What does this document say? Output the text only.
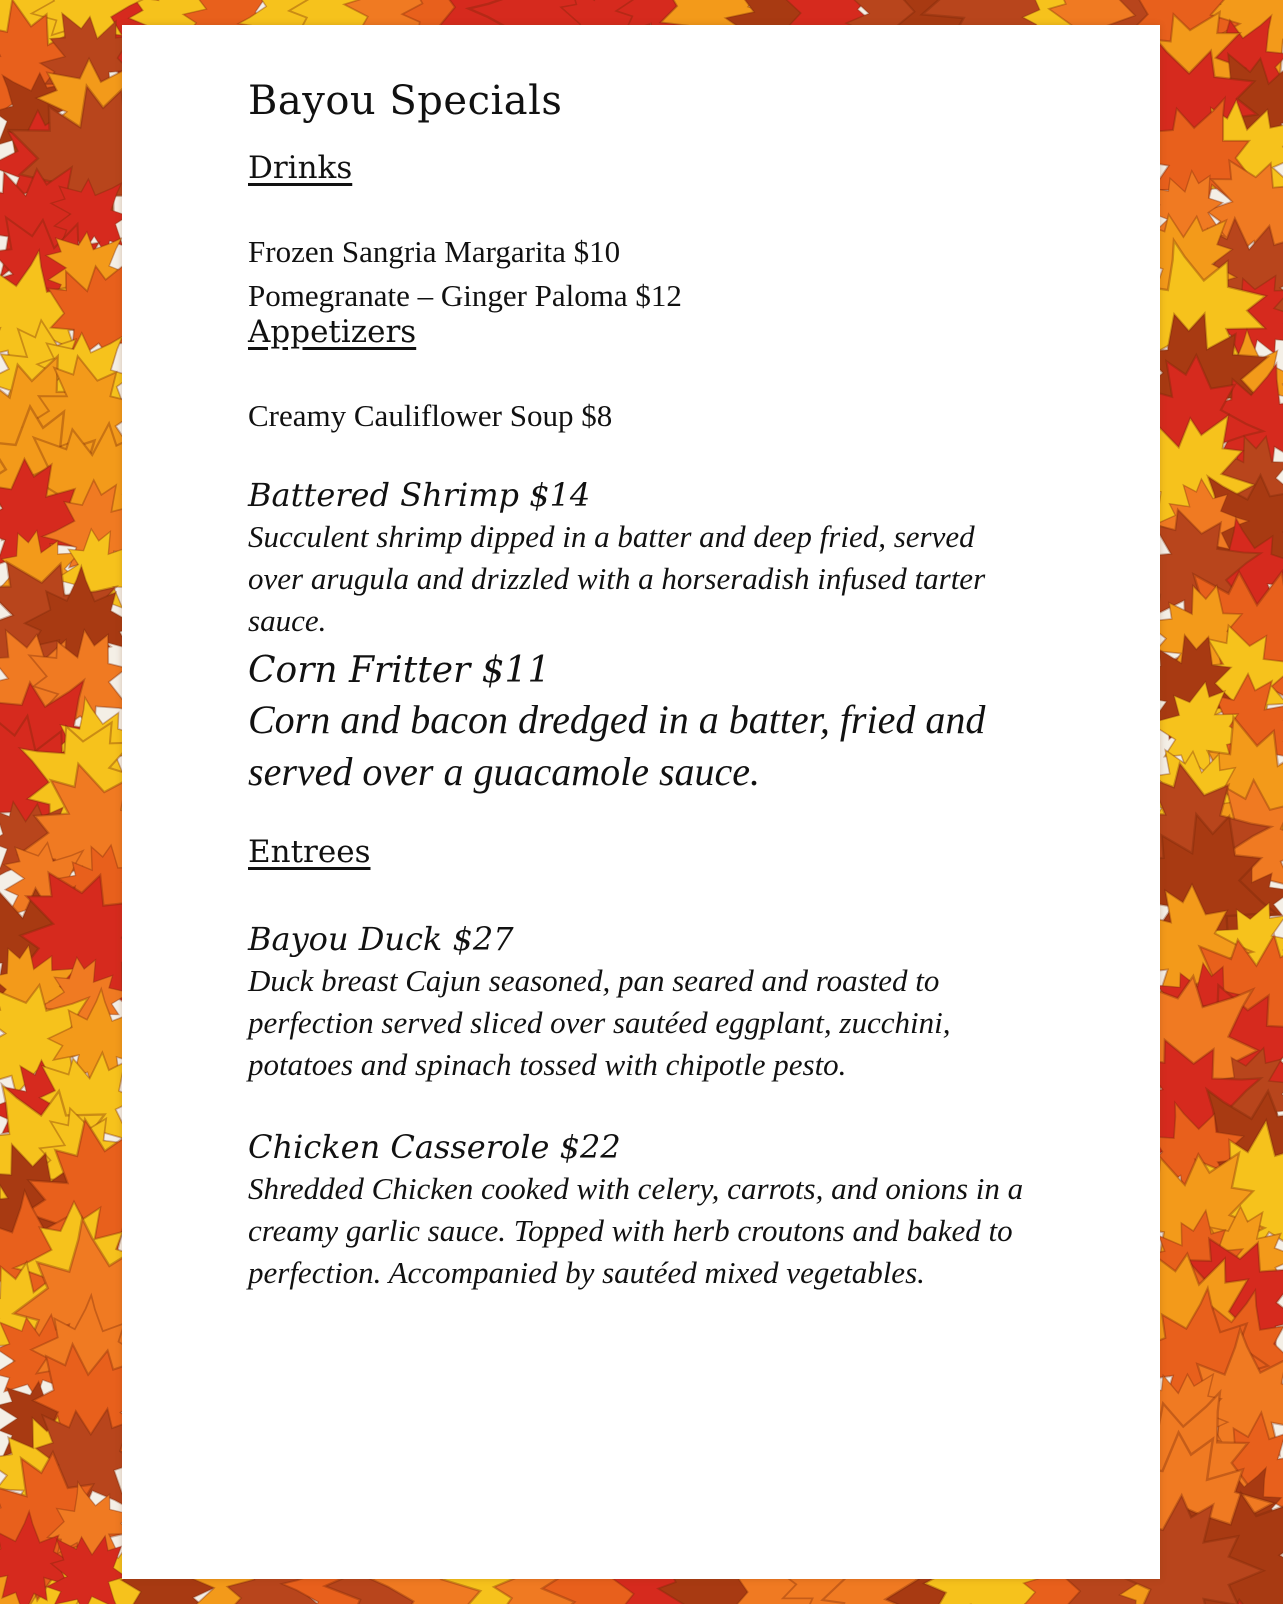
Bayou Specials
Drinks
Frozen Sangria Margarita $10
Pomegranate – Ginger Paloma $12
Appetizers
Creamy Cauliflower Soup $8
Battered Shrimp $14
Succulent shrimp dipped in a batter and deep fried, served over arugula and drizzled with a horseradish infused tarter sauce.
Corn Fritter $11
Corn and bacon dredged in a batter, fried and served over a guacamole sauce.
Entrees
Bayou Duck $27
Duck breast Cajun seasoned, pan seared and roasted to perfection served sliced over sautéed eggplant, zucchini, potatoes and spinach tossed with chipotle pesto.
Chicken Casserole $22
Shredded Chicken cooked with celery, carrots, and onions in a creamy garlic sauce. Topped with herb croutons and baked to perfection. Accompanied by sautéed mixed vegetables.
